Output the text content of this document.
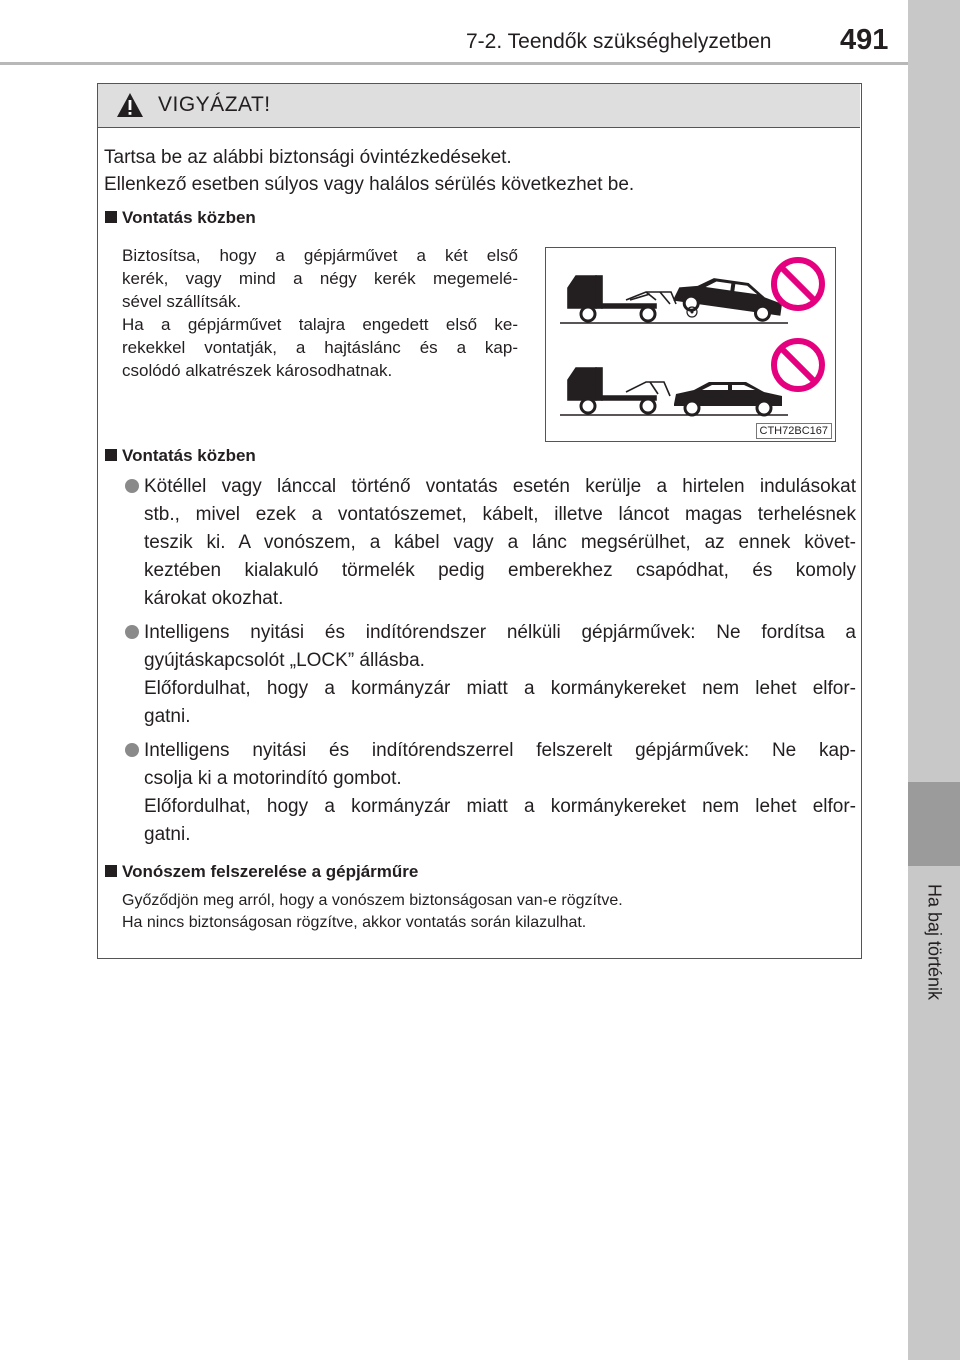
7-2. Teendők szükséghelyzetben 491
7
Ha baj történik
VIGYÁZAT!
Tartsa be az alábbi biztonsági óvintézkedéseket.
Ellenkező esetben súlyos vagy halálos sérülés következhet be.
Vontatás közben
Biztosítsa, hogy a gépjárművet a két első
kerék, vagy mind a négy kerék megemelé-
sével szállítsák.
Ha a gépjárművet talajra engedett első ke-
rekekkel vontatják, a hajtáslánc és a kap-
csolódó alkatrészek károsodhatnak.
CTH72BC167
Vontatás közben

Kötéllel vagy lánccal történő vontatás esetén kerülje a hirtelen indulásokat

stb., mivel ezek a vontatószemet, kábelt, illetve láncot magas terhelésnek

teszik ki. A vonószem, a kábel vagy a lánc megsérülhet, az ennek követ-

keztében kialakuló törmelék pedig emberekhez csapódhat, és komoly

károkat okozhat.

Intelligens nyitási és indítórendszer nélküli gépjárművek: Ne fordítsa a

gyújtáskapcsolót „LOCK” állásba.

Előfordulhat, hogy a kormányzár miatt a kormánykereket nem lehet elfor-

gatni.

Intelligens nyitási és indítórendszerrel felszerelt gépjárművek: Ne kap-

csolja ki a motorindító gombot.

Előfordulhat, hogy a kormányzár miatt a kormánykereket nem lehet elfor-

gatni.

Vonószem felszerelése a gépjárműre
Győződjön meg arról, hogy a vonószem biztonságosan van-e rögzítve.
Ha nincs biztonságosan rögzítve, akkor vontatás során kilazulhat.
